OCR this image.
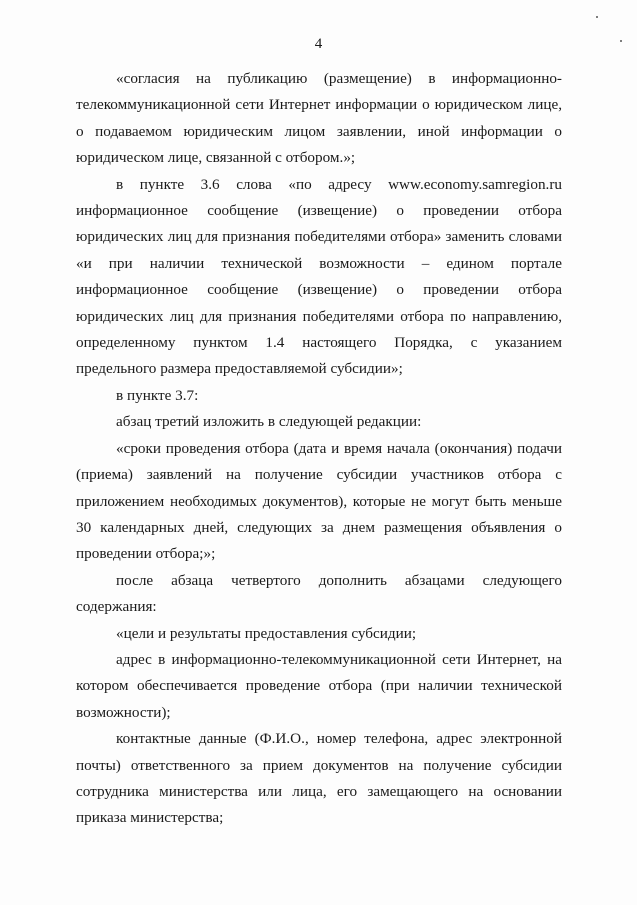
4

«согласия на публикацию (размещение) в информационно-телекоммуникационной сети Интернет информации о юридическом лице, о подаваемом юридическим лицом заявлении, иной информации о юридическом лице, связанной с отбором.»;

в пункте 3.6 слова «по адресу www.economy.samregion.ru информационное сообщение (извещение) о проведении отбора юридических лиц для признания победителями отбора» заменить словами «и при наличии технической возможности – едином портале информационное сообщение (извещение) о проведении отбора юридических лиц для признания победителями отбора по направлению, определенному пунктом 1.4 настоящего Порядка, с указанием предельного размера предоставляемой субсидии»;

в пункте 3.7:

абзац третий изложить в следующей редакции:

«сроки проведения отбора (дата и время начала (окончания) подачи (приема) заявлений на получение субсидии участников отбора с приложением необходимых документов), которые не могут быть меньше 30 календарных дней, следующих за днем размещения объявления о проведении отбора;»;

после абзаца четвертого дополнить абзацами следующего содержания:

«цели и результаты предоставления субсидии;

адрес в информационно-телекоммуникационной сети Интернет, на котором обеспечивается проведение отбора (при наличии технической возможности);

контактные данные (Ф.И.О., номер телефона, адрес электронной почты) ответственного за прием документов на получение субсидии сотрудника министерства или лица, его замещающего на основании приказа министерства;
